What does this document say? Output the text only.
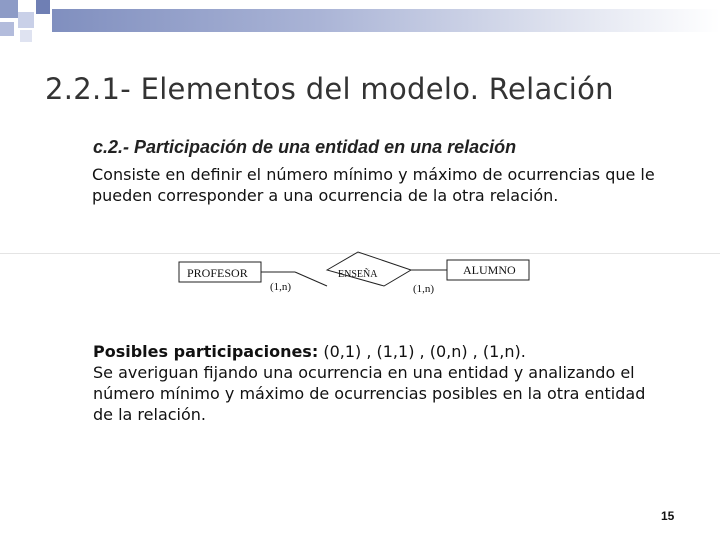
2.2.1- Elementos del modelo. Relación
c.2.- Participación de una entidad en una relación
Consiste en definir el número mínimo y máximo de ocurrencias que le pueden corresponder a una ocurrencia de la otra relación.
PROFESOR	ENSEÑA	ALUMNO
(1,n)	(1,n)
Posibles participaciones: (0,1) , (1,1) , (0,n) , (1,n).
Se averiguan fijando una ocurrencia en una entidad y analizando el número mínimo y máximo de ocurrencias posibles en la otra entidad de la relación.
15
